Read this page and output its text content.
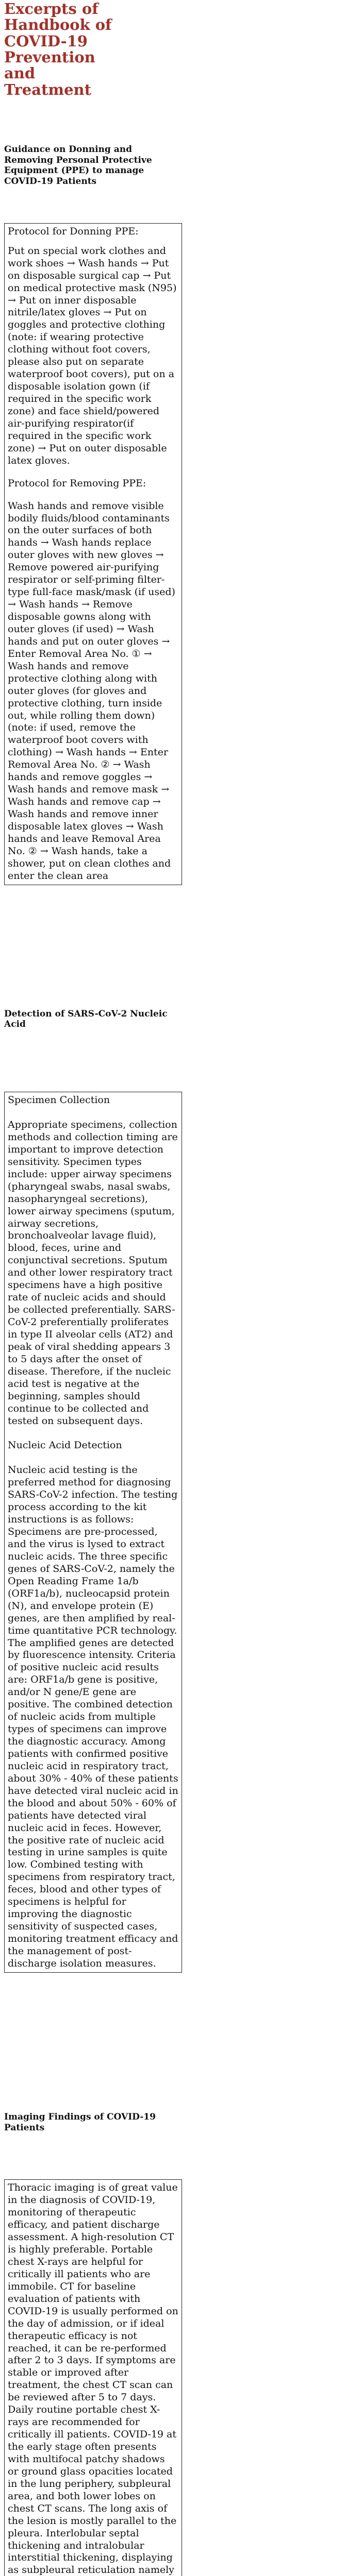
Excerpts of Handbook of COVID-19 Prevention and Treatment
Guidance on Donning and Removing Personal Protective Equipment (PPE) to manage COVID-19 Patients

Protocol for Donning PPE:

Put on special work clothes and work shoes → Wash hands → Put on disposable surgical cap → Put on medical protective mask (N95) → Put on inner disposable nitrile/latex gloves → Put on goggles and protective clothing (note: if wearing protective clothing without foot covers, please also put on separate waterproof boot covers), put on a disposable isolation gown (if required in the specific work zone) and face shield/powered air-purifying respirator(if required in the specific work zone) → Put on outer disposable latex gloves.

Protocol for Removing PPE:

Wash hands and remove visible bodily fluids/blood contaminants on the outer surfaces of both hands → Wash hands replace outer gloves with new gloves → Remove powered air-purifying respirator or self-priming filter-type full-face mask/mask (if used) → Wash hands → Remove disposable gowns along with outer gloves (if used) → Wash hands and put on outer gloves → Enter Removal Area No. ① → Wash hands and remove protective clothing along with outer gloves (for gloves and protective clothing, turn inside out, while rolling them down) (note: if used, remove the waterproof boot covers with clothing) → Wash hands → Enter Removal Area No. ② → Wash hands and remove goggles → Wash hands and remove mask → Wash hands and remove cap → Wash hands and remove inner disposable latex gloves → Wash hands and leave Removal Area No. ② → Wash hands, take a shower, put on clean clothes and enter the clean area

Detection of SARS-CoV-2 Nucleic Acid

Specimen Collection

Appropriate specimens, collection methods and collection timing are important to improve detection sensitivity. Specimen types include: upper airway specimens (pharyngeal swabs, nasal swabs, nasopharyngeal secretions), lower airway specimens (sputum, airway secretions, bronchoalveolar lavage fluid), blood, feces, urine and conjunctival secretions. Sputum and other lower respiratory tract specimens have a high positive rate of nucleic acids and should be collected preferentially. SARS-CoV-2 preferentially proliferates in type II alveolar cells (AT2) and peak of viral shedding appears 3 to 5 days after the onset of disease. Therefore, if the nucleic acid test is negative at the beginning, samples should continue to be collected and tested on subsequent days.

Nucleic Acid Detection

Nucleic acid testing is the preferred method for diagnosing SARS-CoV-2 infection. The testing process according to the kit instructions is as follows: Specimens are pre-processed, and the virus is lysed to extract nucleic acids. The three specific genes of SARS-CoV-2, namely the Open Reading Frame 1a/b (ORF1a/b), nucleocapsid protein (N), and envelope protein (E) genes, are then amplified by real-time quantitative PCR technology. The amplified genes are detected by fluorescence intensity. Criteria of positive nucleic acid results are: ORF1a/b gene is positive, and/or N gene/E gene are positive. The combined detection of nucleic acids from multiple types of specimens can improve the diagnostic accuracy. Among patients with confirmed positive nucleic acid in respiratory tract, about 30% - 40% of these patients have detected viral nucleic acid in the blood and about 50% - 60% of patients have detected viral nucleic acid in feces. However, the positive rate of nucleic acid testing in urine samples is quite low. Combined testing with specimens from respiratory tract, feces, blood and other types of specimens is helpful for improving the diagnostic sensitivity of suspected cases, monitoring treatment efficacy and the management of post-discharge isolation measures.

Imaging Findings of COVID-19 Patients

Thoracic imaging is of great value in the diagnosis of COVID-19, monitoring of therapeutic efficacy, and patient discharge assessment. A high-resolution CT is highly preferable. Portable chest X-rays are helpful for critically ill patients who are immobile. CT for baseline evaluation of patients with COVID-19 is usually performed on the day of admission, or if ideal therapeutic efficacy is not reached, it can be re-performed after 2 to 3 days. If symptoms are stable or improved after treatment, the chest CT scan can be reviewed after 5 to 7 days. Daily routine portable chest X-rays are recommended for critically ill patients. COVID-19 at the early stage often presents with multifocal patchy shadows or ground glass opacities located in the lung periphery, subpleural area, and both lower lobes on chest CT scans. The long axis of the lesion is mostly parallel to the pleura. Interlobular septal thickening and intralobular interstitial thickening, displaying as subpleural reticulation namely
